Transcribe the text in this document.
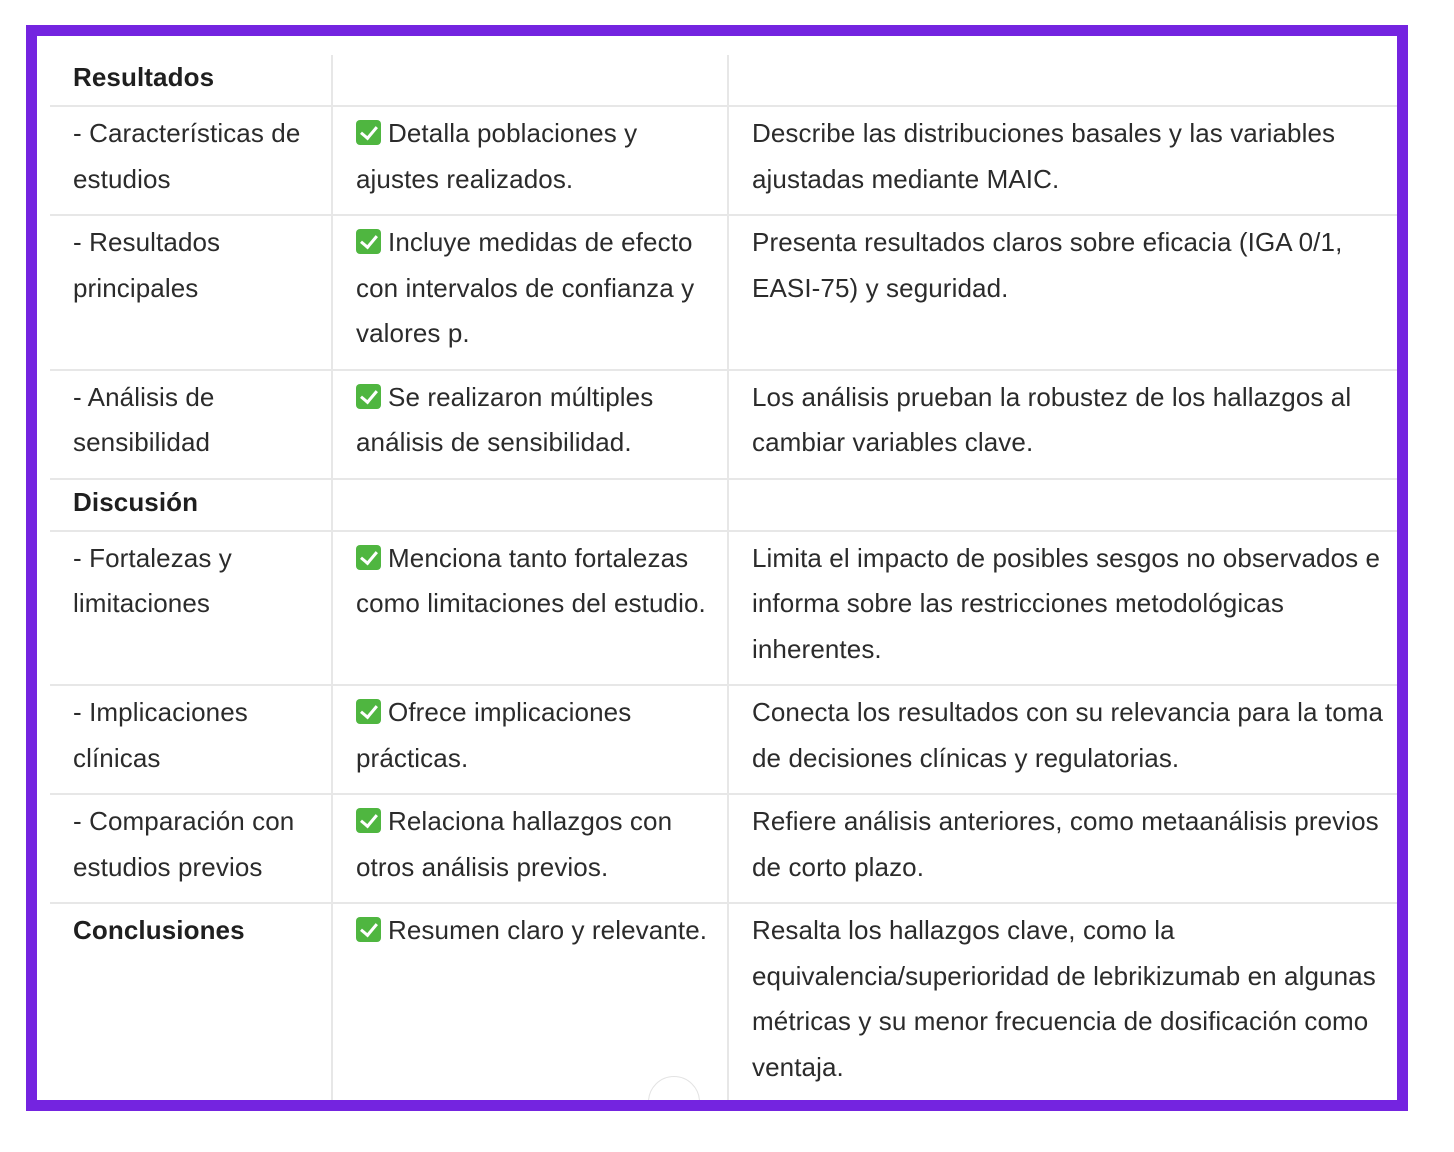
Resultados
- Características de estudios
Detalla poblaciones y ajustes realizados.
Describe las distribuciones basales y las variables ajustadas mediante MAIC.
- Resultados principales
Incluye medidas de efecto con intervalos de confianza y valores p.
Presenta resultados claros sobre eficacia (IGA 0/1, EASI-75) y seguridad.
- Análisis de sensibilidad
Se realizaron múltiples análisis de sensibilidad.
Los análisis prueban la robustez de los hallazgos al cambiar variables clave.
Discusión
- Fortalezas y limitaciones
Menciona tanto fortalezas como limitaciones del estudio.
Limita el impacto de posibles sesgos no observados e informa sobre las restricciones metodológicas inherentes.
- Implicaciones clínicas
Ofrece implicaciones prácticas.
Conecta los resultados con su relevancia para la toma de decisiones clínicas y regulatorias.
- Comparación con estudios previos
Relaciona hallazgos con otros análisis previos.
Refiere análisis anteriores, como metaanálisis previos de corto plazo.
Conclusiones	Resumen claro y relevante.	Resalta los hallazgos clave, como la equivalencia/superioridad de lebrikizumab en algunas métricas y su menor frecuencia de dosificación como ventaja.
